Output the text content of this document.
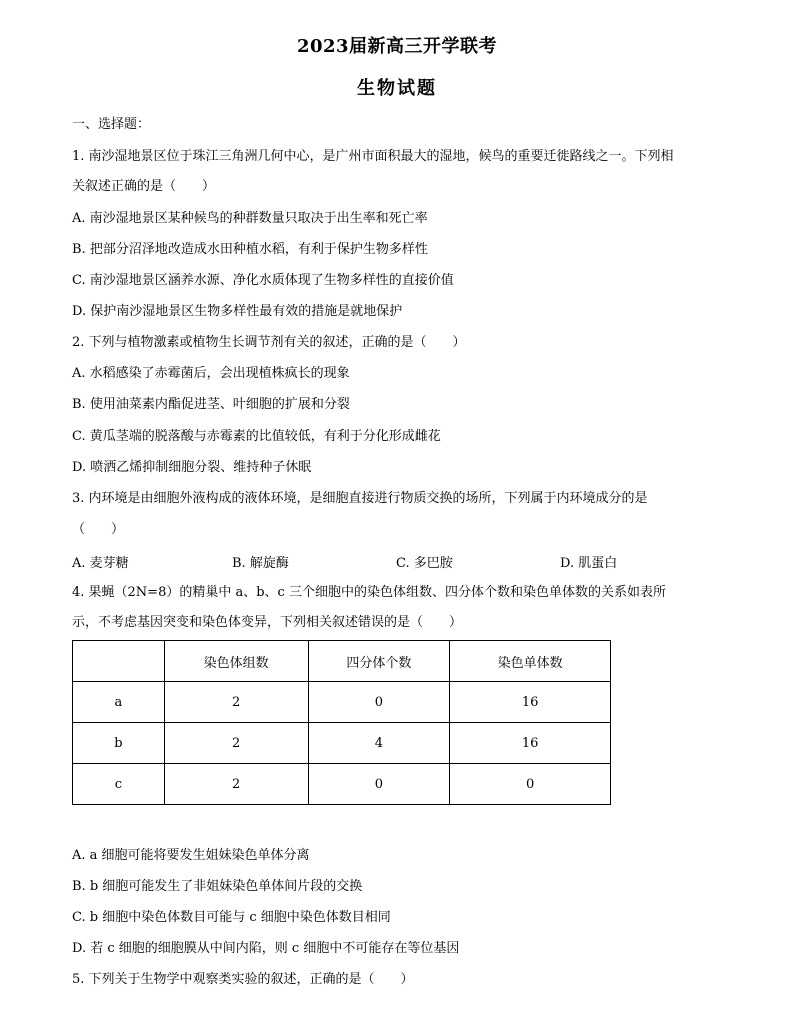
2023届新高三开学联考
生物试题
一、选择题：
1. 南沙湿地景区位于珠江三角洲几何中心，是广州市面积最大的湿地，候鸟的重要迁徙路线之一。下列相
关叙述正确的是（　　）
A. 南沙湿地景区某种候鸟的种群数量只取决于出生率和死亡率
B. 把部分沼泽地改造成水田种植水稻，有利于保护生物多样性
C. 南沙湿地景区涵养水源、净化水质体现了生物多样性的直接价值
D. 保护南沙湿地景区生物多样性最有效的措施是就地保护
2. 下列与植物激素或植物生长调节剂有关的叙述，正确的是（　　）
A. 水稻感染了赤霉菌后，会出现植株疯长的现象
B. 使用油菜素内酯促进茎、叶细胞的扩展和分裂
C. 黄瓜茎端的脱落酸与赤霉素的比值较低，有利于分化形成雌花
D. 喷洒乙烯抑制细胞分裂、维持种子休眠
3. 内环境是由细胞外液构成的液体环境，是细胞直接进行物质交换的场所，下列属于内环境成分的是
（　　）
A. 麦芽糖	B. 解旋酶	C. 多巴胺	D. 肌蛋白
4. 果蝇（2N=8）的精巢中 a、b、c 三个细胞中的染色体组数、四分体个数和染色单体数的关系如表所
示，不考虑基因突变和染色体变异，下列相关叙述错误的是（　　）
	染色体组数	四分体个数	染色单体数
a	2	0	16
b	2	4	16
c	2	0	0
A. a 细胞可能将要发生姐妹染色单体分离
B. b 细胞可能发生了非姐妹染色单体间片段的交换
C. b 细胞中染色体数目可能与 c 细胞中染色体数目相同
D. 若 c 细胞的细胞膜从中间内陷，则 c 细胞中不可能存在等位基因
5. 下列关于生物学中观察类实验的叙述，正确的是（　　）
